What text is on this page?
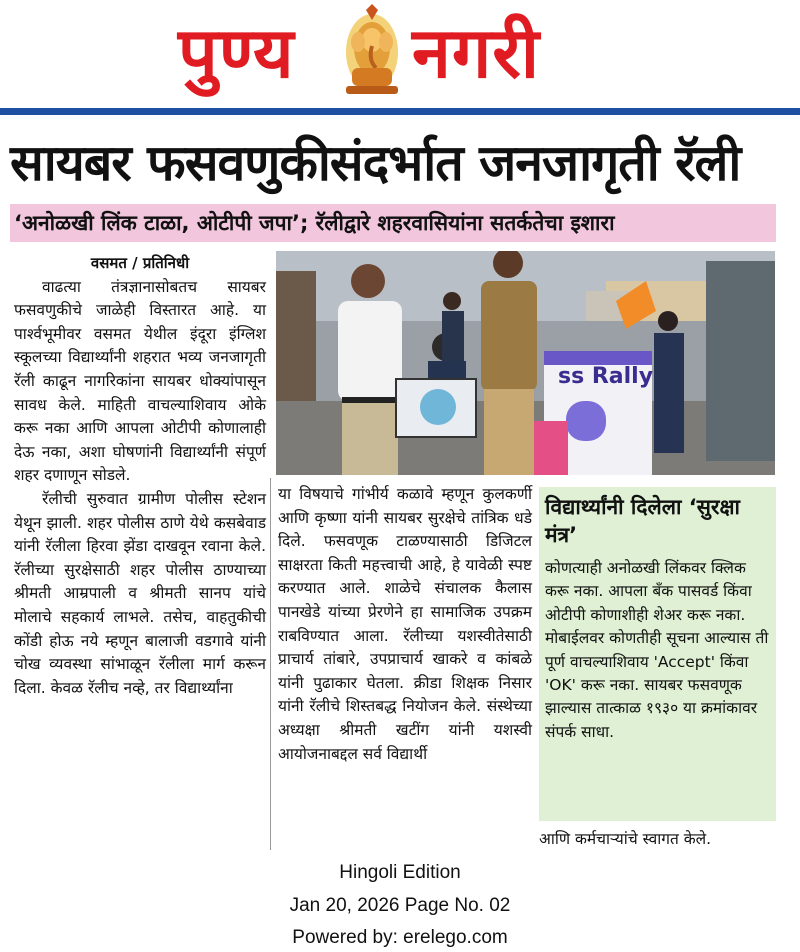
पुण्य नगरी
सायबर फसवणुकीसंदर्भात जनजागृती रॅली
‘अनोळखी लिंक टाळा, ओटीपी जपा’; रॅलीद्वारे शहरवासियांना सतर्कतेचा इशारा

वसमत / प्रतिनिधी

वाढत्या तंत्रज्ञानासोबतच सायबर फसवणुकीचे जाळेही विस्तारत आहे. या पार्श्वभूमीवर वसमत येथील इंदूरा इंग्लिश स्कूलच्या विद्यार्थ्यांनी शहरात भव्य जनजागृती रॅली काढून नागरिकांना सायबर धोक्यांपासून सावध केले. माहिती वाचल्याशिवाय ओके करू नका आणि आपला ओटीपी कोणालाही देऊ नका, अशा घोषणांनी विद्यार्थ्यांनी संपूर्ण शहर दणाणून सोडले.

रॅलीची सुरुवात ग्रामीण पोलीस स्टेशन येथून झाली. शहर पोलीस ठाणे येथे कसबेवाड यांनी रॅलीला हिरवा झेंडा दाखवून रवाना केले. रॅलीच्या सुरक्षेसाठी शहर पोलीस ठाण्याच्या श्रीमती आम्रपाली व श्रीमती सानप यांचे मोलाचे सहकार्य लाभले. तसेच, वाहतुकीची कोंडी होऊ नये म्हणून बालाजी वडगावे यांनी चोख व्यवस्था सांभाळून रॅलीला मार्ग करून दिला. केवळ रॅलीच नव्हे, तर विद्यार्थ्यांना

ss Rally

या विषयाचे गांभीर्य कळावे म्हणून कुलकर्णी आणि कृष्णा यांनी सायबर सुरक्षेचे तांत्रिक धडे दिले. फसवणूक टाळण्यासाठी डिजिटल साक्षरता किती महत्त्वाची आहे, हे यावेळी स्पष्ट करण्यात आले. शाळेचे संचालक कैलास पानखेडे यांच्या प्रेरणेने हा सामाजिक उपक्रम राबविण्यात आला. रॅलीच्या यशस्वीतेसाठी प्राचार्य तांबारे, उपप्राचार्य खाकरे व कांबळे यांनी पुढाकार घेतला. क्रीडा शिक्षक निसार यांनी रॅलीचे शिस्तबद्ध नियोजन केले. संस्थेच्या अध्यक्षा श्रीमती खटींग यांनी यशस्वी आयोजनाबद्दल सर्व विद्यार्थी

विद्यार्थ्यांनी दिलेला ‘सुरक्षा मंत्र’
कोणत्याही अनोळखी लिंकवर क्लिक करू नका. आपला बँक पासवर्ड किंवा ओटीपी कोणाशीही शेअर करू नका. मोबाईलवर कोणतीही सूचना आल्यास ती पूर्ण वाचल्याशिवाय 'Accept' किंवा 'OK' करू नका. सायबर फसवणूक झाल्यास तात्काळ १९३० या क्रमांकावर संपर्क साधा.
आणि कर्मचाऱ्यांचे स्वागत केले.
Hingoli Edition
Jan 20, 2026 Page No. 02
Powered by: erelego.com
